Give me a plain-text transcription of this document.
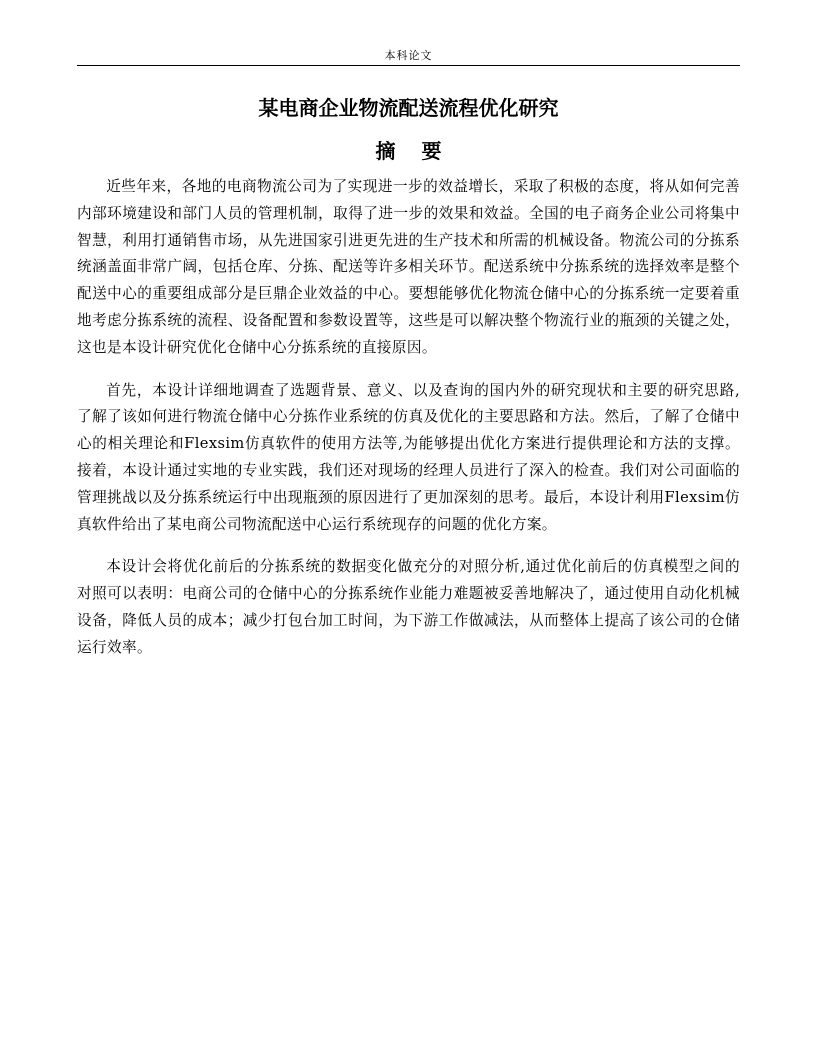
本科论文
某电商企业物流配送流程优化研究
摘 要

近些年来，各地的电商物流公司为了实现进一步的效益增长，采取了积极的态度，将从如何完善内部环境建设和部门人员的管理机制，取得了进一步的效果和效益。全国的电子商务企业公司将集中智慧，利用打通销售市场，从先进国家引进更先进的生产技术和所需的机械设备。物流公司的分拣系统涵盖面非常广阔，包括仓库、分拣、配送等许多相关环节。配送系统中分拣系统的选择效率是整个配送中心的重要组成部分是巨鼎企业效益的中心。要想能够优化物流仓储中心的分拣系统一定要着重地考虑分拣系统的流程、设备配置和参数设置等，这些是可以解决整个物流行业的瓶颈的关键之处，这也是本设计研究优化仓储中心分拣系统的直接原因。

首先，本设计详细地调查了选题背景、意义、以及查询的国内外的研究现状和主要的研究思路,了解了该如何进行物流仓储中心分拣作业系统的仿真及优化的主要思路和方法。然后，了解了仓储中心的相关理论和Flexsim仿真软件的使用方法等,为能够提出优化方案进行提供理论和方法的支撑。接着，本设计通过实地的专业实践，我们还对现场的经理人员进行了深入的检查。我们对公司面临的管理挑战以及分拣系统运行中出现瓶颈的原因进行了更加深刻的思考。最后，本设计利用Flexsim仿真软件给出了某电商公司物流配送中心运行系统现存的问题的优化方案。

本设计会将优化前后的分拣系统的数据变化做充分的对照分析,通过优化前后的仿真模型之间的对照可以表明：电商公司的仓储中心的分拣系统作业能力难题被妥善地解决了，通过使用自动化机械设备，降低人员的成本；减少打包台加工时间，为下游工作做减法，从而整体上提高了该公司的仓储运行效率。
